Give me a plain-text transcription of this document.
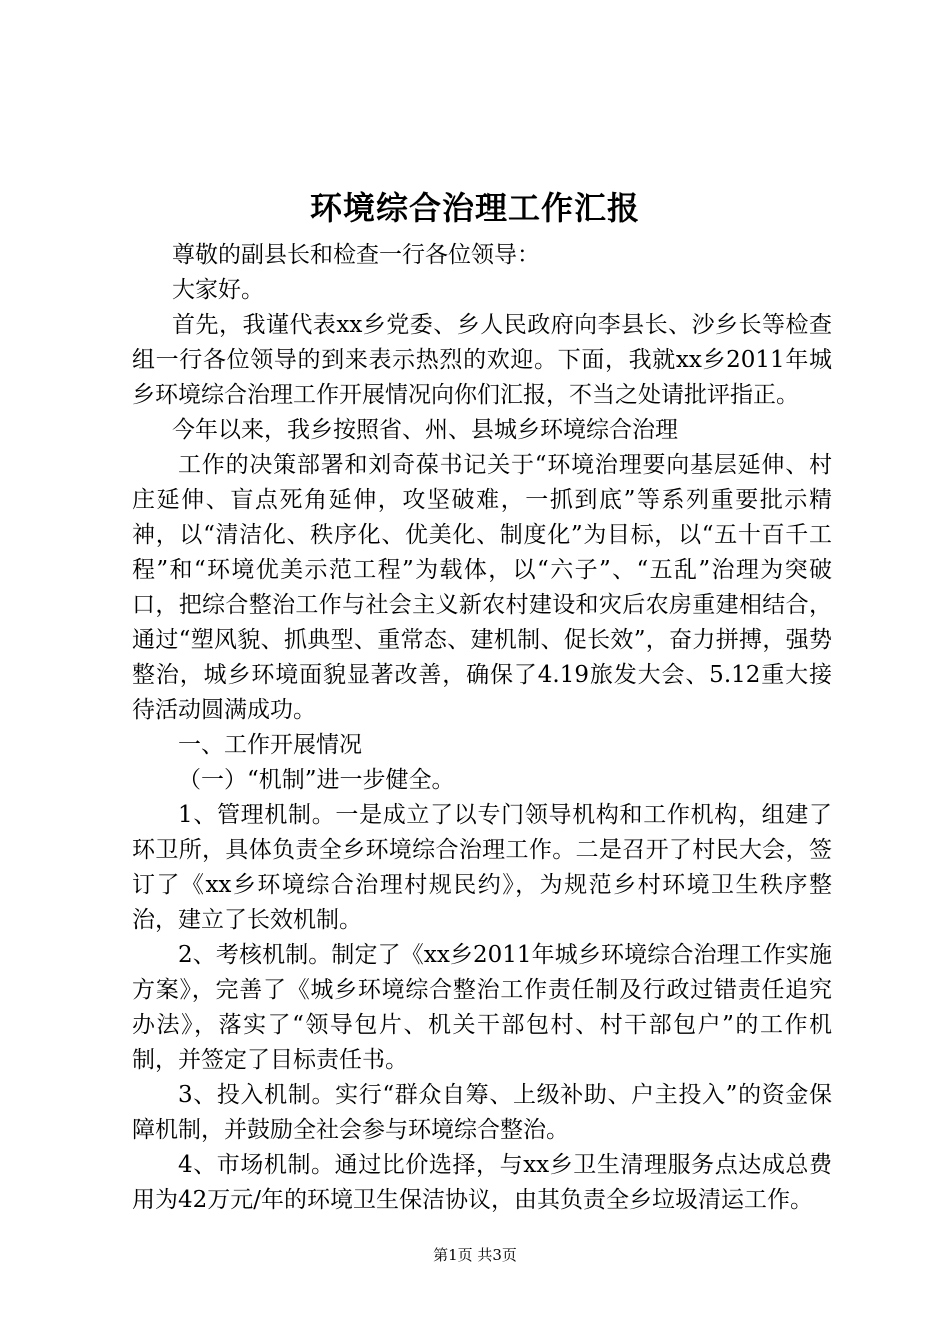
环境综合治理工作汇报

尊敬的副县长和检查一行各位领导：

大家好。

首先，我谨代表xx乡党委、乡人民政府向李县长、沙乡长等检查组一行各位领导的到来表示热烈的欢迎。下面，我就xx乡2011年城乡环境综合治理工作开展情况向你们汇报，不当之处请批评指正。

今年以来，我乡按照省、州、县城乡环境综合治理

工作的决策部署和刘奇葆书记关于“环境治理要向基层延伸、村庄延伸、盲点死角延伸，攻坚破难，一抓到底”等系列重要批示精神，以“清洁化、秩序化、优美化、制度化”为目标，以“五十百千工程”和“环境优美示范工程”为载体，以“六子”、“五乱”治理为突破口，把综合整治工作与社会主义新农村建设和灾后农房重建相结合，通过“塑风貌、抓典型、重常态、建机制、促长效”，奋力拼搏，强势整治，城乡环境面貌显著改善，确保了4.19旅发大会、5.12重大接待活动圆满成功。

一、工作开展情况

（一）“机制”进一步健全。

1、管理机制。一是成立了以专门领导机构和工作机构，组建了环卫所，具体负责全乡环境综合治理工作。二是召开了村民大会，签订了《xx乡环境综合治理村规民约》，为规范乡村环境卫生秩序整治，建立了长效机制。

2、考核机制。制定了《xx乡2011年城乡环境综合治理工作实施方案》，完善了《城乡环境综合整治工作责任制及行政过错责任追究办法》，落实了“领导包片、机关干部包村、村干部包户”的工作机制，并签定了目标责任书。

3、投入机制。实行“群众自筹、上级补助、户主投入”的资金保障机制，并鼓励全社会参与环境综合整治。

4、市场机制。通过比价选择，与xx乡卫生清理服务点达成总费用为42万元/年的环境卫生保洁协议，由其负责全乡垃圾清运工作。

第1页 共3页
